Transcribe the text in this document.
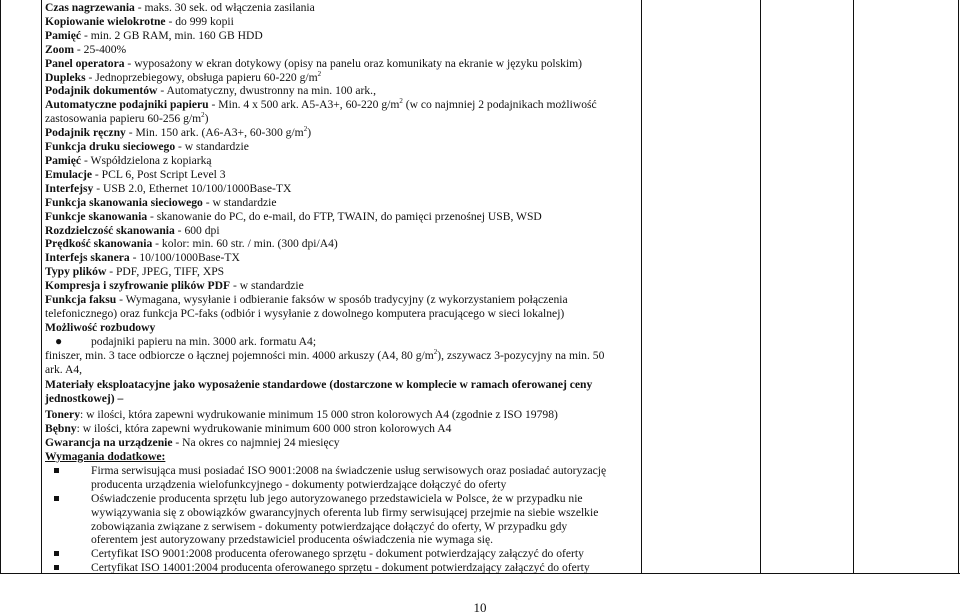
Czas nagrzewania - maks. 30 sek. od włączenia zasilania

Kopiowanie wielokrotne - do 999 kopii

Pamięć - min. 2 GB RAM, min. 160 GB HDD

Zoom - 25-400%

Panel operatora - wyposażony w ekran dotykowy (opisy na panelu oraz komunikaty na ekranie w języku polskim)

Dupleks - Jednoprzebiegowy, obsługa papieru 60-220 $g/m^2$

Podajnik dokumentów - Automatyczny, dwustronny na min. 100 ark.,

Automatyczne podajniki papieru - Min. 4 x 500 ark. A5-A3+, 60-220 $g/m^2$ (w co najmniej 2 podajnikach możliwość

zastosowania papieru 60-256 $g/m^2$)

Podajnik ręczny - Min. 150 ark. (A6-A3+, 60-300 $g/m^2$)

Funkcja druku sieciowego - w standardzie

Pamięć - Współdzielona z kopiarką

Emulacje - PCL 6, Post Script Level 3

Interfejsy - USB 2.0, Ethernet 10/100/1000Base-TX

Funkcja skanowania sieciowego - w standardzie

Funkcje skanowania - skanowanie do PC, do e-mail, do FTP, TWAIN, do pamięci przenośnej USB, WSD

Rozdzielczość skanowania - 600 dpi

Prędkość skanowania - kolor: min. 60 str. / min. (300 dpi/A4)

Interfejs skanera - 10/100/1000Base-TX

Typy plików - PDF, JPEG, TIFF, XPS

Kompresja i szyfrowanie plików PDF - w standardzie

Funkcja faksu - Wymagana, wysyłanie i odbieranie faksów w sposób tradycyjny (z wykorzystaniem połączenia

telefonicznego) oraz funkcja PC-faks (odbiór i wysyłanie z dowolnego komputera pracującego w sieci lokalnej)

Możliwość rozbudowy

● podajniki papieru na min. 3000 ark. formatu A4;

finiszer, min. 3 tace odbiorcze o łącznej pojemności min. 4000 arkuszy (A4, 80 $g/m^2$), zszywacz 3-pozycyjny na min. 50

ark. A4,

Materiały eksploatacyjne jako wyposażenie standardowe (dostarczone w komplecie w ramach oferowanej ceny

jednostkowej) –

Tonery: w ilości, która zapewni wydrukowanie minimum 15 000 stron kolorowych A4 (zgodnie z ISO 19798)

Bębny: w ilości, która zapewni wydrukowanie minimum 600 000 stron kolorowych A4

Gwarancja na urządzenie - Na okres co najmniej 24 miesięcy

Wymagania dodatkowe:

Firma serwisująca musi posiadać ISO 9001:2008 na świadczenie usług serwisowych oraz posiadać autoryzację

producenta urządzenia wielofunkcyjnego - dokumenty potwierdzające dołączyć do oferty

Oświadczenie producenta sprzętu lub jego autoryzowanego przedstawiciela w Polsce, że w przypadku nie

wywiązywania się z obowiązków gwarancyjnych oferenta lub firmy serwisującej przejmie na siebie wszelkie

zobowiązania związane z serwisem - dokumenty potwierdzające dołączyć do oferty, W przypadku gdy

oferentem jest autoryzowany przedstawiciel producenta oświadczenia nie wymaga się.

Certyfikat ISO 9001:2008 producenta oferowanego sprzętu - dokument potwierdzający załączyć do oferty

Certyfikat ISO 14001:2004 producenta oferowanego sprzętu - dokument potwierdzający załączyć do oferty

10
